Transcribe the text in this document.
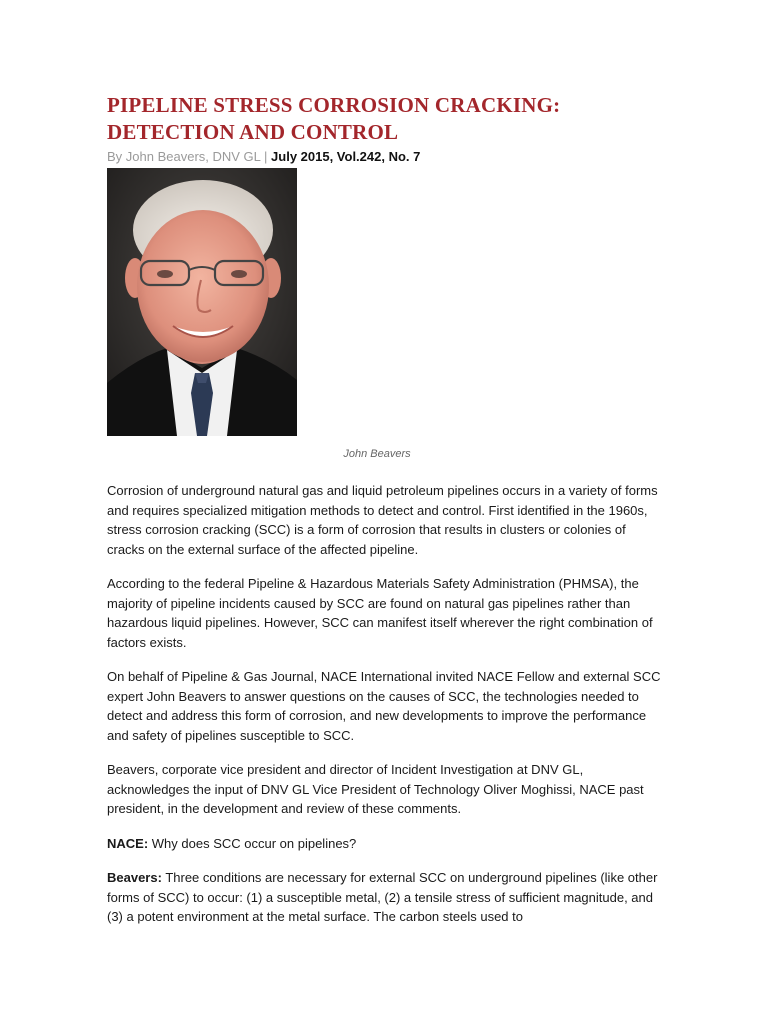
PIPELINE STRESS CORROSION CRACKING:
DETECTION AND CONTROL
By John Beavers, DNV GL | July 2015, Vol.242, No. 7
John Beavers

Corrosion of underground natural gas and liquid petroleum pipelines occurs in a variety of forms and requires specialized mitigation methods to detect and control. First identified in the 1960s, stress corrosion cracking (SCC) is a form of corrosion that results in clusters or colonies of cracks on the external surface of the affected pipeline.

According to the federal Pipeline & Hazardous Materials Safety Administration (PHMSA), the majority of pipeline incidents caused by SCC are found on natural gas pipelines rather than hazardous liquid pipelines. However, SCC can manifest itself wherever the right combination of factors exists.

On behalf of Pipeline & Gas Journal, NACE International invited NACE Fellow and external SCC expert John Beavers to answer questions on the causes of SCC, the technologies needed to detect and address this form of corrosion, and new developments to improve the performance and safety of pipelines susceptible to SCC.

Beavers, corporate vice president and director of Incident Investigation at DNV GL, acknowledges the input of DNV GL Vice President of Technology Oliver Moghissi, NACE past president, in the development and review of these comments.

NACE: Why does SCC occur on pipelines?

Beavers: Three conditions are necessary for external SCC on underground pipelines (like other forms of SCC) to occur: (1) a susceptible metal, (2) a tensile stress of sufficient magnitude, and (3) a potent environment at the metal surface. The carbon steels used to
